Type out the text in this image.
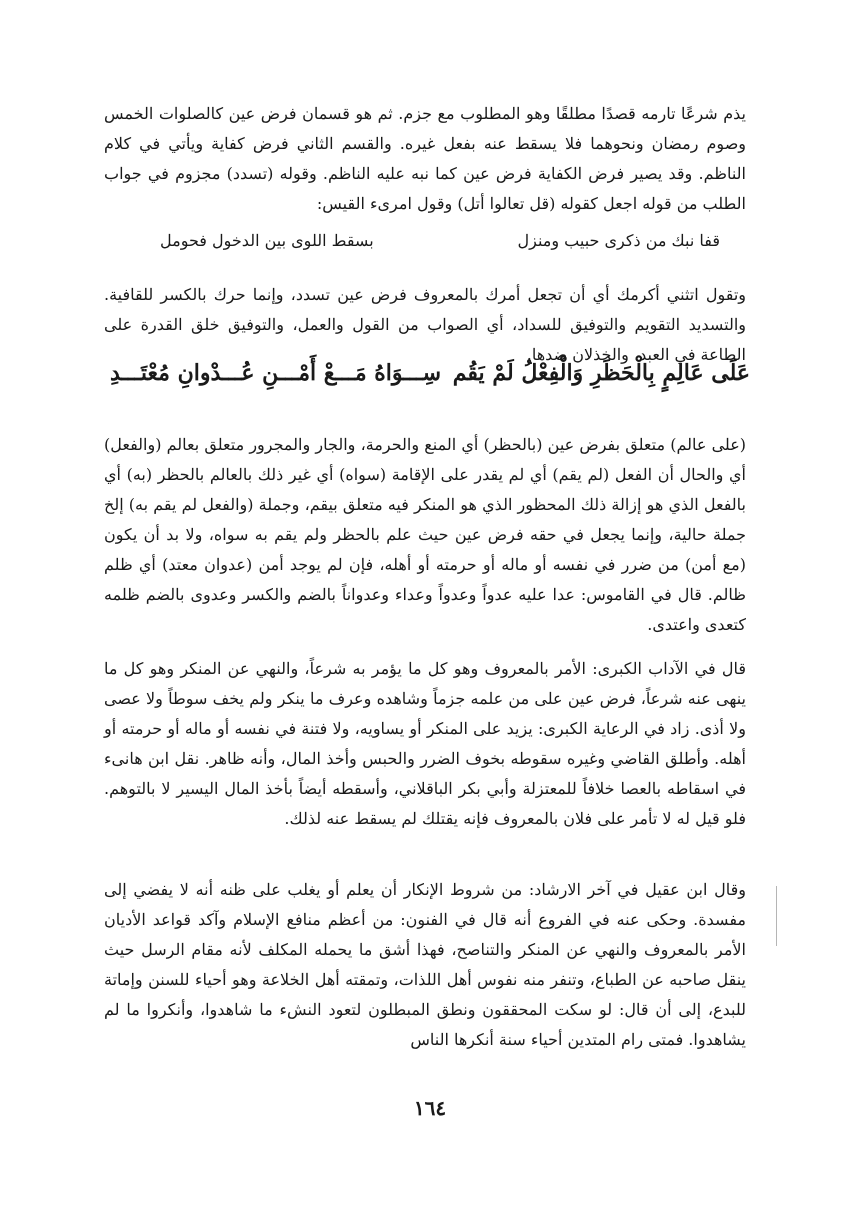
يذم شرعًا تارمه قصدًا مطلقًا وهو المطلوب مع جزم. ثم هو قسمان فرض عين كالصلوات الخمس وصوم رمضان ونحوهما فلا يسقط عنه بفعل غيره. والقسم الثاني فرض كفاية ويأتي في كلام الناظم. وقد يصير فرض الكفاية فرض عين كما نبه عليه الناظم. وقوله (تسدد) مجزوم في جواب الطلب من قوله اجعل كقوله (قل تعالوا أتل) وقول امرىء القيس:

قفا نبك من ذكرى حبيب ومنزل
بسقط اللوى بين الدخول فحومل

وتقول اتثني أكرمك أي أن تجعل أمرك بالمعروف فرض عين تسدد، وإنما حرك بالكسر للقافية. والتسديد التقويم والتوفيق للسداد، أي الصواب من القول والعمل، والتوفيق خلق القدرة على الطاعة في العبد، والخذلان ضدها.

عَلَى عَالِمٍ بِالْحَظَرِ وَالْفِعْلُ لَمْ يَقُم
سِـــوَاهُ مَـــعْ أَمْـــنِ عُـــدْوانِ مُعْتَـــدِ

(على عالم) متعلق بفرض عين (بالحظر) أي المنع والحرمة، والجار والمجرور متعلق بعالم (والفعل) أي والحال أن الفعل (لم يقم) أي لم يقدر على الإقامة (سواه) أي غير ذلك بالعالم بالحظر (به) أي بالفعل الذي هو إزالة ذلك المحظور الذي هو المنكر فيه متعلق بيقم، وجملة (والفعل لم يقم به) إلخ جملة حالية، وإنما يجعل في حقه فرض عين حيث علم بالحظر ولم يقم به سواه، ولا بد أن يكون (مع أمن) من ضرر في نفسه أو ماله أو حرمته أو أهله، فإن لم يوجد أمن (عدوان معتد) أي ظلم ظالم. قال في القاموس: عدا عليه عدواً وعدواً وعداء وعدواناً بالضم والكسر وعدوى بالضم ظلمه كتعدى واعتدى.

قال في الآداب الكبرى: الأمر بالمعروف وهو كل ما يؤمر به شرعاً، والنهي عن المنكر وهو كل ما ينهى عنه شرعاً، فرض عين على من علمه جزماً وشاهده وعرف ما ينكر ولم يخف سوطاً ولا عصى ولا أذى. زاد في الرعاية الكبرى: يزيد على المنكر أو يساويه، ولا فتنة في نفسه أو ماله أو حرمته أو أهله. وأطلق القاضي وغيره سقوطه بخوف الضرر والحبس وأخذ المال، وأنه ظاهر. نقل ابن هانىء في اسقاطه بالعصا خلافاً للمعتزلة وأبي بكر الباقلاني، وأسقطه أيضاً بأخذ المال اليسير لا بالتوهم. فلو قيل له لا تأمر على فلان بالمعروف فإنه يقتلك لم يسقط عنه لذلك.

وقال ابن عقيل في آخر الارشاد: من شروط الإنكار أن يعلم أو يغلب على ظنه أنه لا يفضي إلى مفسدة. وحكى عنه في الفروع أنه قال في الفنون: من أعظم منافع الإسلام وآكد قواعد الأديان الأمر بالمعروف والنهي عن المنكر والتناصح، فهذا أشق ما يحمله المكلف لأنه مقام الرسل حيث ينقل صاحبه عن الطباع، وتنفر منه نفوس أهل اللذات، وتمقته أهل الخلاعة وهو أحياء للسنن وإماتة للبدع، إلى أن قال: لو سكت المحققون ونطق المبطلون لتعود النشء ما شاهدوا، وأنكروا ما لم يشاهدوا. فمتى رام المتدين أحياء سنة أنكرها الناس

١٦٤
